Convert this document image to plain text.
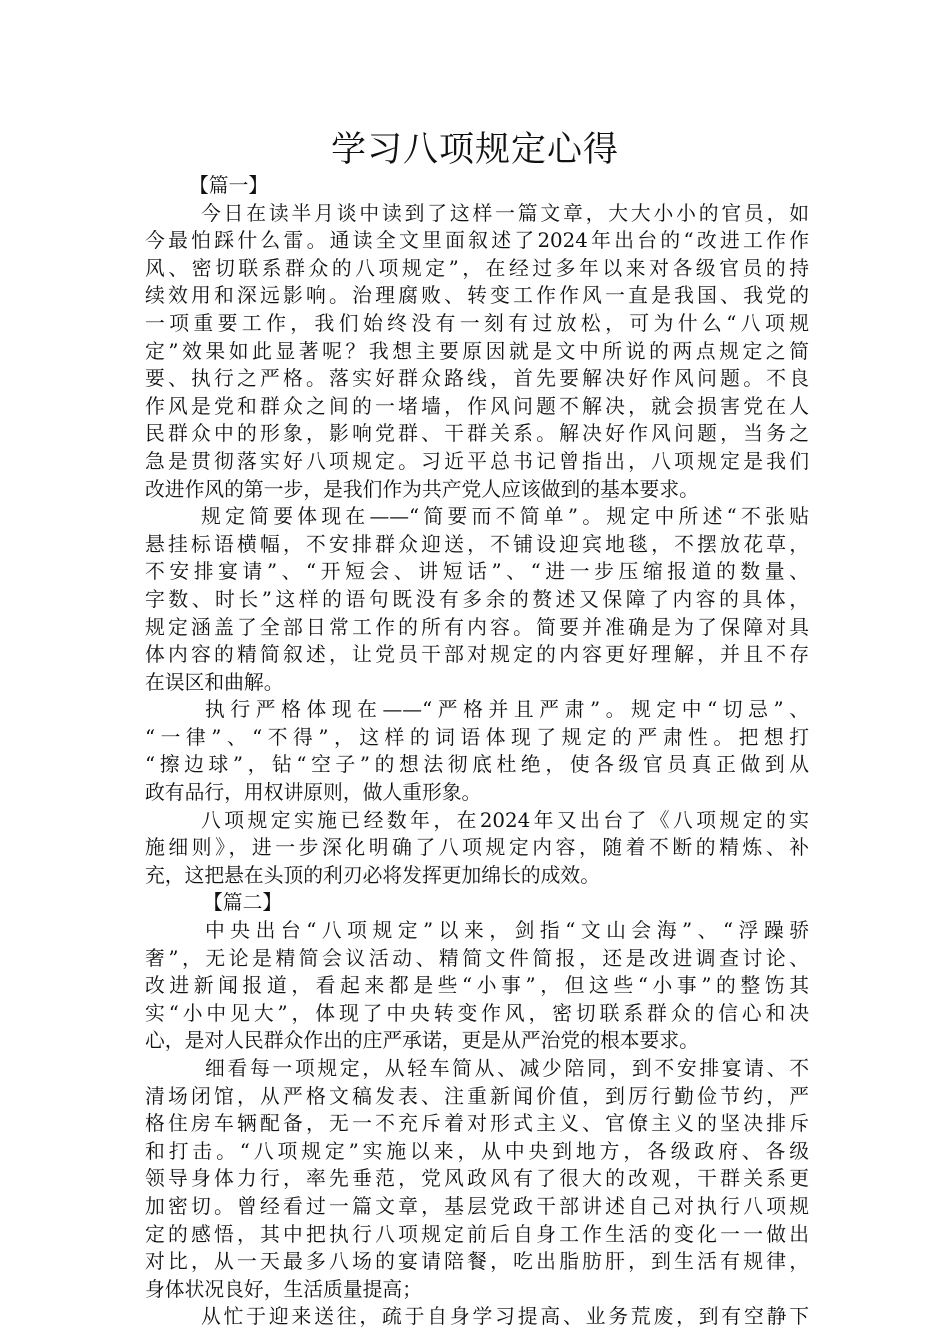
学习八项规定心得
【篇一】
今日在读半月谈中读到了这样一篇文章，大大小小的官员，如
今最怕踩什么雷。通读全文里面叙述了2024年出台的“改进工作作
风、密切联系群众的八项规定”，在经过多年以来对各级官员的持
续效用和深远影响。治理腐败、转变工作作风一直是我国、我党的
一项重要工作，我们始终没有一刻有过放松，可为什么“八项规
定”效果如此显著呢？我想主要原因就是文中所说的两点规定之简
要、执行之严格。落实好群众路线，首先要解决好作风问题。不良
作风是党和群众之间的一堵墙，作风问题不解决，就会损害党在人
民群众中的形象，影响党群、干群关系。解决好作风问题，当务之
急是贯彻落实好八项规定。习近平总书记曾指出，八项规定是我们
改进作风的第一步，是我们作为共产党人应该做到的基本要求。
规定简要体现在——“简要而不简单”。规定中所述“不张贴
悬挂标语横幅，不安排群众迎送，不铺设迎宾地毯，不摆放花草，
不安排宴请”、“开短会、讲短话”、“进一步压缩报道的数量、
字数、时长”这样的语句既没有多余的赘述又保障了内容的具体，
规定涵盖了全部日常工作的所有内容。简要并准确是为了保障对具
体内容的精简叙述，让党员干部对规定的内容更好理解，并且不存
在误区和曲解。
执行严格体现在——“严格并且严肃”。规定中“切忌”、
“一律”、“不得”，这样的词语体现了规定的严肃性。把想打
“擦边球”，钻“空子”的想法彻底杜绝，使各级官员真正做到从
政有品行，用权讲原则，做人重形象。
八项规定实施已经数年，在2024年又出台了《八项规定的实
施细则》，进一步深化明确了八项规定内容，随着不断的精炼、补
充，这把悬在头顶的利刃必将发挥更加绵长的成效。
【篇二】
中央出台“八项规定”以来，剑指“文山会海”、“浮躁骄
奢”，无论是精简会议活动、精简文件简报，还是改进调查讨论、
改进新闻报道，看起来都是些“小事”，但这些“小事”的整饬其
实“小中见大”，体现了中央转变作风，密切联系群众的信心和决
心，是对人民群众作出的庄严承诺，更是从严治党的根本要求。
细看每一项规定，从轻车简从、减少陪同，到不安排宴请、不
清场闭馆，从严格文稿发表、注重新闻价值，到厉行勤俭节约，严
格住房车辆配备，无一不充斥着对形式主义、官僚主义的坚决排斥
和打击。“八项规定”实施以来，从中央到地方，各级政府、各级
领导身体力行，率先垂范，党风政风有了很大的改观，干群关系更
加密切。曾经看过一篇文章，基层党政干部讲述自己对执行八项规
定的感悟，其中把执行八项规定前后自身工作生活的变化一一做出
对比，从一天最多八场的宴请陪餐，吃出脂肪肝，到生活有规律，
身体状况良好，生活质量提高；
从忙于迎来送往，疏于自身学习提高、业务荒废，到有空静下
